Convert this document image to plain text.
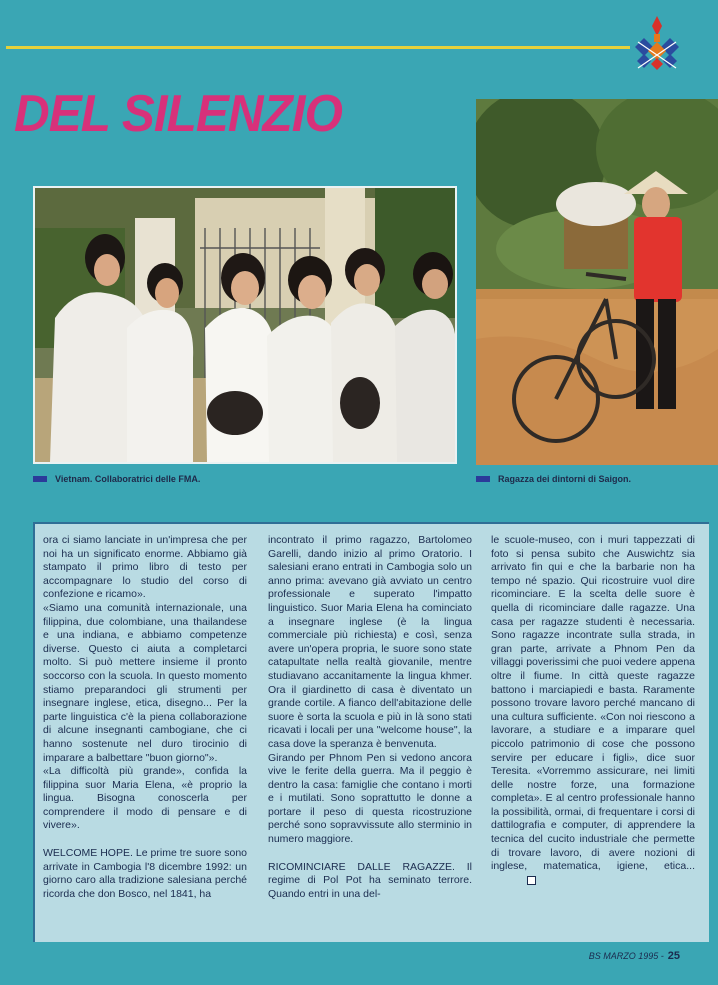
DEL SILENZIO
Vietnam. Collaboratrici delle FMA.	Ragazza dei dintorni di Saigon.

ora ci siamo lanciate in un'impresa che per noi ha un significato enorme. Abbiamo già stampato il primo libro di testo per accompagnare lo studio del corso di confezione e ricamo».

«Siamo una comunità internazionale, una filippina, due colombiane, una thailandese e una indiana, e abbiamo competenze diverse. Questo ci aiuta a completarci molto. Si può mettere insieme il pronto soccorso con la scuola. In questo momento stiamo preparandoci gli strumenti per insegnare inglese, etica, disegno... Per la parte linguistica c'è la piena collaborazione di alcune insegnanti cambogiane, che ci hanno sostenute nel duro tirocinio di imparare a balbettare "buon giorno"».

«La difficoltà più grande», confida la filippina suor Maria Elena, «è proprio la lingua. Bisogna conoscerla per comprendere il modo di pensare e di vivere».

WELCOME HOPE. Le prime tre suore sono arrivate in Cambogia l'8 dicembre 1992: un giorno caro alla tradizione salesiana perché ricorda che don Bosco, nel 1841, ha

incontrato il primo ragazzo, Bartolomeo Garelli, dando inizio al primo Oratorio. I salesiani erano entrati in Cambogia solo un anno prima: avevano già avviato un centro professionale e superato l'impatto linguistico. Suor Maria Elena ha cominciato a insegnare inglese (è la lingua commerciale più richiesta) e così, senza avere un'opera propria, le suore sono state catapultate nella realtà giovanile, mentre studiavano accanitamente la lingua khmer. Ora il giardinetto di casa è diventato un grande cortile. A fianco dell'abitazione delle suore è sorta la scuola e più in là sono stati ricavati i locali per una "welcome house", la casa dove la speranza è benvenuta.

Girando per Phnom Pen si vedono ancora vive le ferite della guerra. Ma il peggio è dentro la casa: famiglie che contano i morti e i mutilati. Sono soprattutto le donne a portare il peso di questa ricostruzione perché sono sopravvissute allo sterminio in numero maggiore.

RICOMINCIARE DALLE RAGAZZE. Il regime di Pol Pot ha seminato terrore. Quando entri in una del-

le scuole-museo, con i muri tappezzati di foto si pensa subito che Auswichtz sia arrivato fin qui e che la barbarie non ha tempo né spazio. Qui ricostruire vuol dire ricominciare. E la scelta delle suore è quella di ricominciare dalle ragazze. Una casa per ragazze studenti è necessaria. Sono ragazze incontrate sulla strada, in gran parte, arrivate a Phnom Pen da villaggi poverissimi che puoi vedere appena oltre il fiume. In città queste ragazze battono i marciapiedi e basta. Raramente possono trovare lavoro perché mancano di una cultura sufficiente. «Con noi riescono a lavorare, a studiare e a imparare quel piccolo patrimonio di cose che possono servire per educare i figli», dice suor Teresita. «Vorremmo assicurare, nei limiti delle nostre forze, una formazione completa». E al centro professionale hanno la possibilità, ormai, di frequentare i corsi di dattilografia e computer, di apprendere la tecnica del cucito industriale che permette di trovare lavoro, di avere nozioni di inglese, matematica, igiene, etica...

BS MARZO 1995 - 25
